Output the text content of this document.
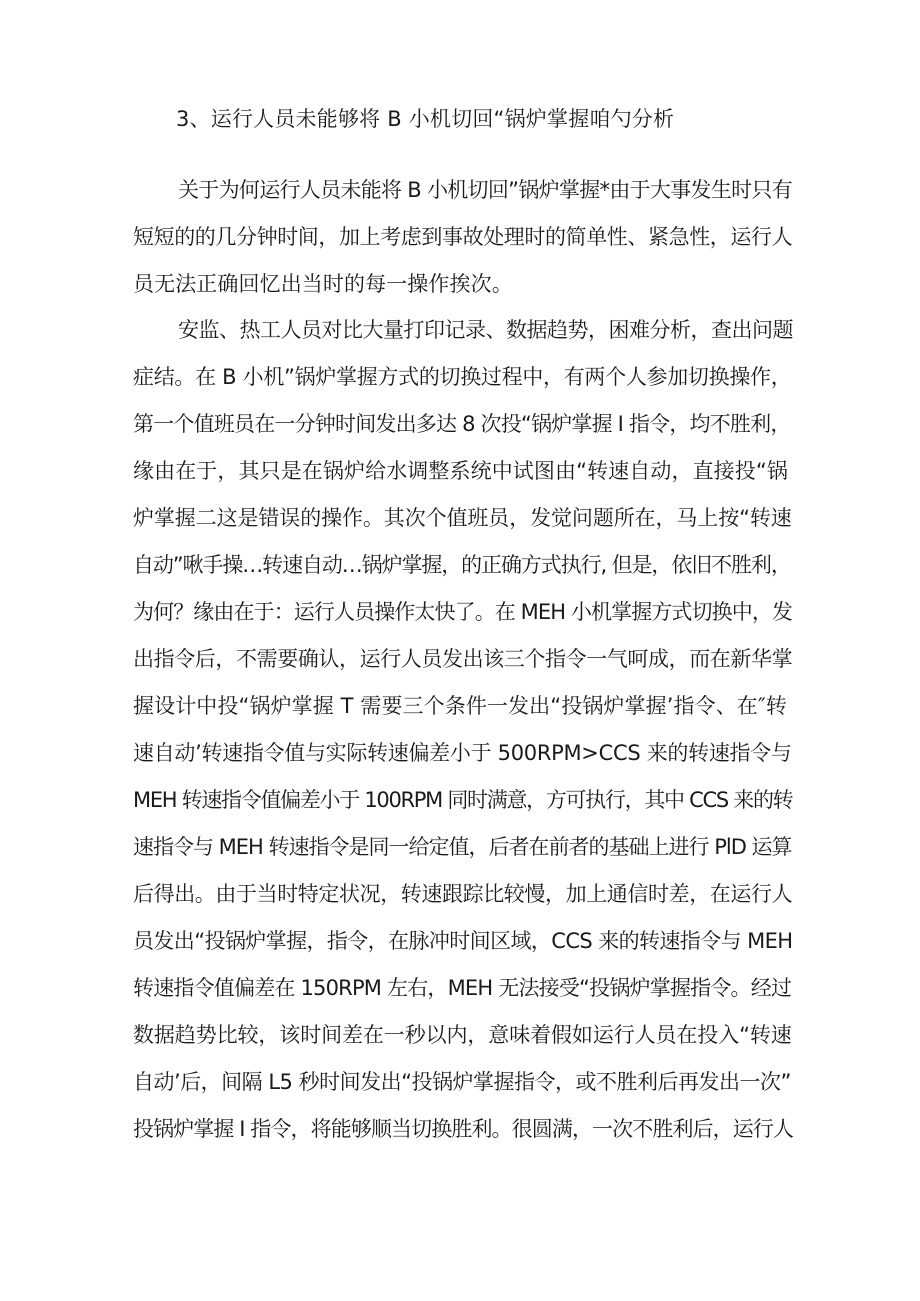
3、运行人员未能够将 B 小机切回“锅炉掌握咱勺分析
关于为何运行人员未能将 B 小机切回”锅炉掌握*由于大事发生时只有
短短的的几分钟时间，加上考虑到事故处理时的简单性、紧急性，运行人
员无法正确回忆出当时的每一操作挨次。
安监、热工人员对比大量打印记录、数据趋势，困难分析，查出问题
症结。在 B 小机”锅炉掌握方式的切换过程中，有两个人参加切换操作，
第一个值班员在一分钟时间发出多达 8 次投“锅炉掌握 I 指令，均不胜利，
缘由在于，其只是在锅炉给水调整系统中试图由“转速自动，直接投“锅
炉掌握二这是错误的操作。其次个值班员，发觉问题所在，马上按“转速
自动”啾手操…转速自动…锅炉掌握，的正确方式执行, 但是，依旧不胜利，
为何？缘由在于：运行人员操作太快了。在 MEH 小机掌握方式切换中，发
出指令后，不需要确认，运行人员发出该三个指令一气呵成，而在新华掌
握设计中投“锅炉掌握 T 需要三个条件一发出“投锅炉掌握’指令、在″转
速自动’转速指令值与实际转速偏差小于 500RPM>CCS 来的转速指令与
MEH 转速指令值偏差小于 100RPM 同时满意，方可执行，其中 CCS 来的转
速指令与 MEH 转速指令是同一给定值，后者在前者的基础上进行 PlD 运算
后得出。由于当时特定状况，转速跟踪比较慢，加上通信时差，在运行人
员发出“投锅炉掌握，指令，在脉冲时间区域，CCS 来的转速指令与 MEH
转速指令值偏差在 150RPM 左右，MEH 无法接受“投锅炉掌握指令。经过
数据趋势比较，该时间差在一秒以内，意味着假如运行人员在投入“转速
自动’后，间隔 L5 秒时间发出“投锅炉掌握指令，或不胜利后再发出一次”
投锅炉掌握 I 指令，将能够顺当切换胜利。很圆满，一次不胜利后，运行人
